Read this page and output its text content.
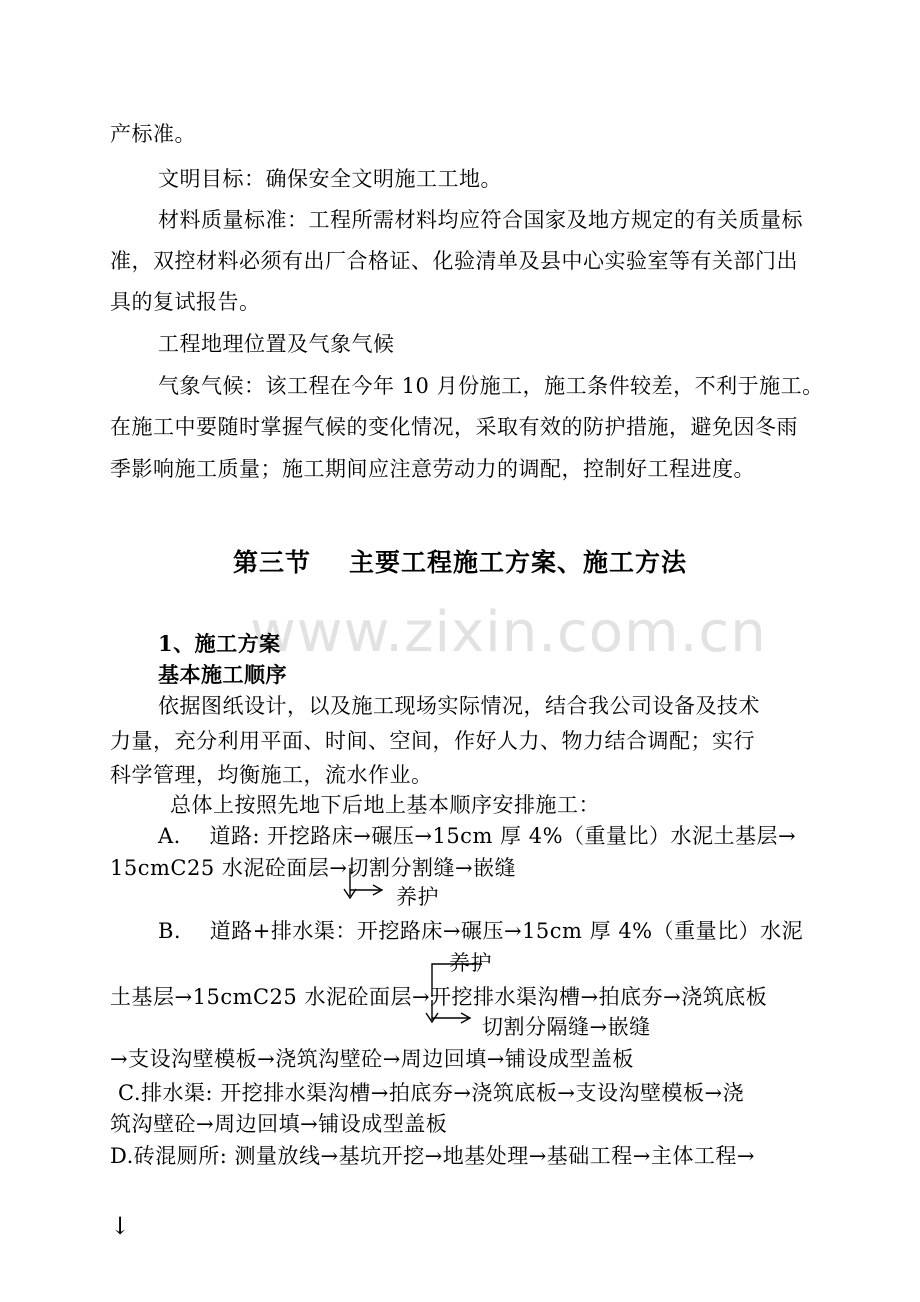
www.zixin.com.cn
产标准。
文明目标：确保安全文明施工工地。
材料质量标准：工程所需材料均应符合国家及地方规定的有关质量标
准，双控材料必须有出厂合格证、化验清单及县中心实验室等有关部门出
具的复试报告。
工程地理位置及气象气候
气象气候：该工程在今年 10 月份施工，施工条件较差，不利于施工。
在施工中要随时掌握气候的变化情况，采取有效的防护措施，避免因冬雨
季影响施工质量；施工期间应注意劳动力的调配，控制好工程进度。
第三节 主要工程施工方案、施工方法
1、施工方案
基本施工顺序
依据图纸设计，以及施工现场实际情况，结合我公司设备及技术
力量，充分利用平面、时间、空间，作好人力、物力结合调配；实行
科学管理，均衡施工，流水作业。
总体上按照先地下后地上基本顺序安排施工：
A.　 道路: 开挖路床→碾压→15cm 厚 4%（重量比）水泥土基层→
15cmC25 水泥砼面层→切割分割缝→嵌缝
养护
B.　 道路+排水渠：开挖路床→碾压→15cm 厚 4%（重量比）水泥
养护
土基层→15cmC25 水泥砼面层→开挖排水渠沟槽→拍底夯→浇筑底板
切割分隔缝→嵌缝
→支设沟壁模板→浇筑沟壁砼→周边回填→铺设成型盖板
C.排水渠: 开挖排水渠沟槽→拍底夯→浇筑底板→支设沟壁模板→浇
筑沟壁砼→周边回填→铺设成型盖板
D.砖混厕所: 测量放线→基坑开挖→地基处理→基础工程→主体工程→
↓
